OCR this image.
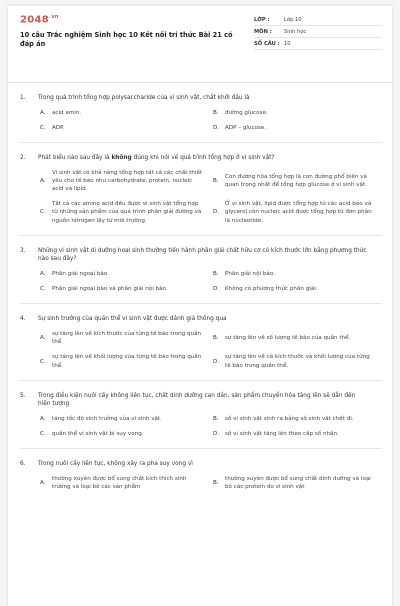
$2048^{.vn}$
10 câu Trắc nghiệm Sinh học 10 Kết nối tri thức Bài 21 có đáp án
LỚP :	Lớp 10
MÔN :	Sinh học
SỐ CÂU : 10
1.	Trong quá trình tổng hợp polysaccharide của vi sinh vật, chất khởi đầu là
A.	acid amin.	B.	đường glucose.
C.	ADP.	D.	ADP – glucose.
2.	Phát biểu nào sau đây là không đúng khi nói về quá trình tổng hợp ở vi sinh vật?
A.
Vi sinh vật có khả năng tổng hợp tất cả các chất thiết yếu cho tế bào như carbohydrate, protein, nucleic acid và lipid.
B.
Con đường hóa tổng hợp là con đường phổ biến và quan trọng nhất để tổng hợp glucose ở vi sinh vật.
C.
Tất cả các amino acid đều được vi sinh vật tổng hợp từ những sản phẩm của quá trình phân giải đường và nguồn nitrogen lấy từ môi trường.
D.
Ở vi sinh vật, lipid được tổng hợp từ các acid béo và glycerol còn nucleic acid được tổng hợp từ đơn phân là nucleotide.
3.	Những vi sinh vật dị dưỡng hoại sinh thường tiến hành phân giải chất hữu cơ có kích thước lớn bằng phương thức nào sau đây?
A.	Phân giải ngoại bào.	B.	Phân giải nội bào.
C.	Phân giải ngoại bào và phân giải nội bào.	D.	Không có phương thức phân giải.
4.	Sự sinh trưởng của quần thể vi sinh vật được đánh giá thông qua
A.
sự tăng lên về kích thước của từng tế bào trong quần thể.
B.	sự tăng lên về số lượng tế bào của quần thể.
C.
sự tăng lên về khối lượng của từng tế bào trong quần thể.
D.
sự tăng lên về cả kích thước và khối lượng của từng tế bào trong quần thể.
5.	Trong điều kiện nuôi cấy không liên tục, chất dinh dưỡng cạn dần, sản phẩm chuyển hóa tăng lên sẽ dẫn đến hiện tượng
A.	tăng tốc độ sinh trưởng của vi sinh vật.	B.	số vi sinh vật sinh ra bằng số sinh vật chết đi.
C.	quần thể vi sinh vật bị suy vong.	D.	số vi sinh vật tăng lên theo cấp số nhân.
6.	Trong nuôi cấy liên tục, không xảy ra pha suy vong vì
A.
thường xuyên được bổ sung chất kích thích sinh trưởng và loại bỏ các sản phẩm
B.
thường xuyên được bổ sung chất dinh dưỡng và loại bỏ các protein do vi sinh vật
